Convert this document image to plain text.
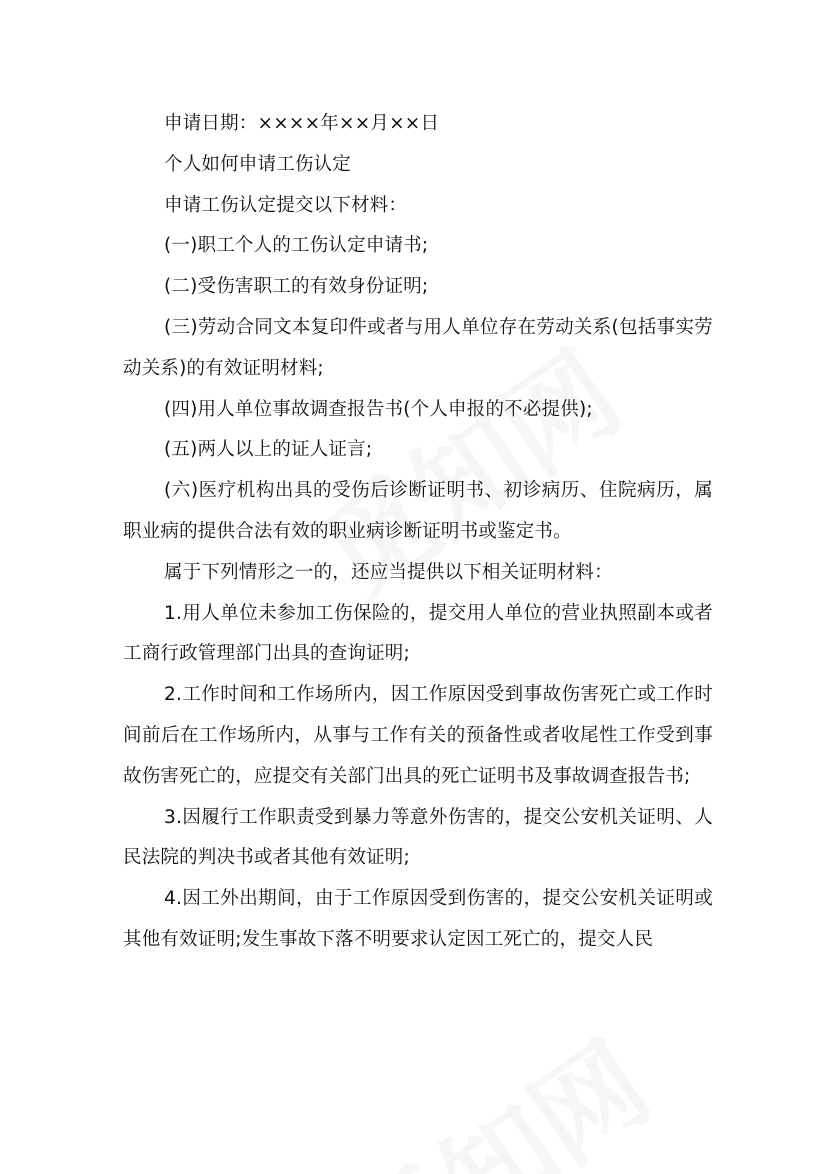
申请日期：××××年××月××日

个人如何申请工伤认定

申请工伤认定提交以下材料：

(一)职工个人的工伤认定申请书;

(二)受伤害职工的有效身份证明;

(三)劳动合同文本复印件或者与用人单位存在劳动关系(包括事实劳动关系)的有效证明材料;

(四)用人单位事故调查报告书(个人申报的不必提供);

(五)两人以上的证人证言;

(六)医疗机构出具的受伤后诊断证明书、初诊病历、住院病历，属职业病的提供合法有效的职业病诊断证明书或鉴定书。

属于下列情形之一的，还应当提供以下相关证明材料：

1.用人单位未参加工伤保险的，提交用人单位的营业执照副本或者工商行政管理部门出具的查询证明;

2.工作时间和工作场所内，因工作原因受到事故伤害死亡或工作时间前后在工作场所内，从事与工作有关的预备性或者收尾性工作受到事故伤害死亡的，应提交有关部门出具的死亡证明书及事故调查报告书;

3.因履行工作职责受到暴力等意外伤害的，提交公安机关证明、人民法院的判决书或者其他有效证明;

4.因工外出期间，由于工作原因受到伤害的，提交公安机关证明或其他有效证明;发生事故下落不明要求认定因工死亡的，提交人民
